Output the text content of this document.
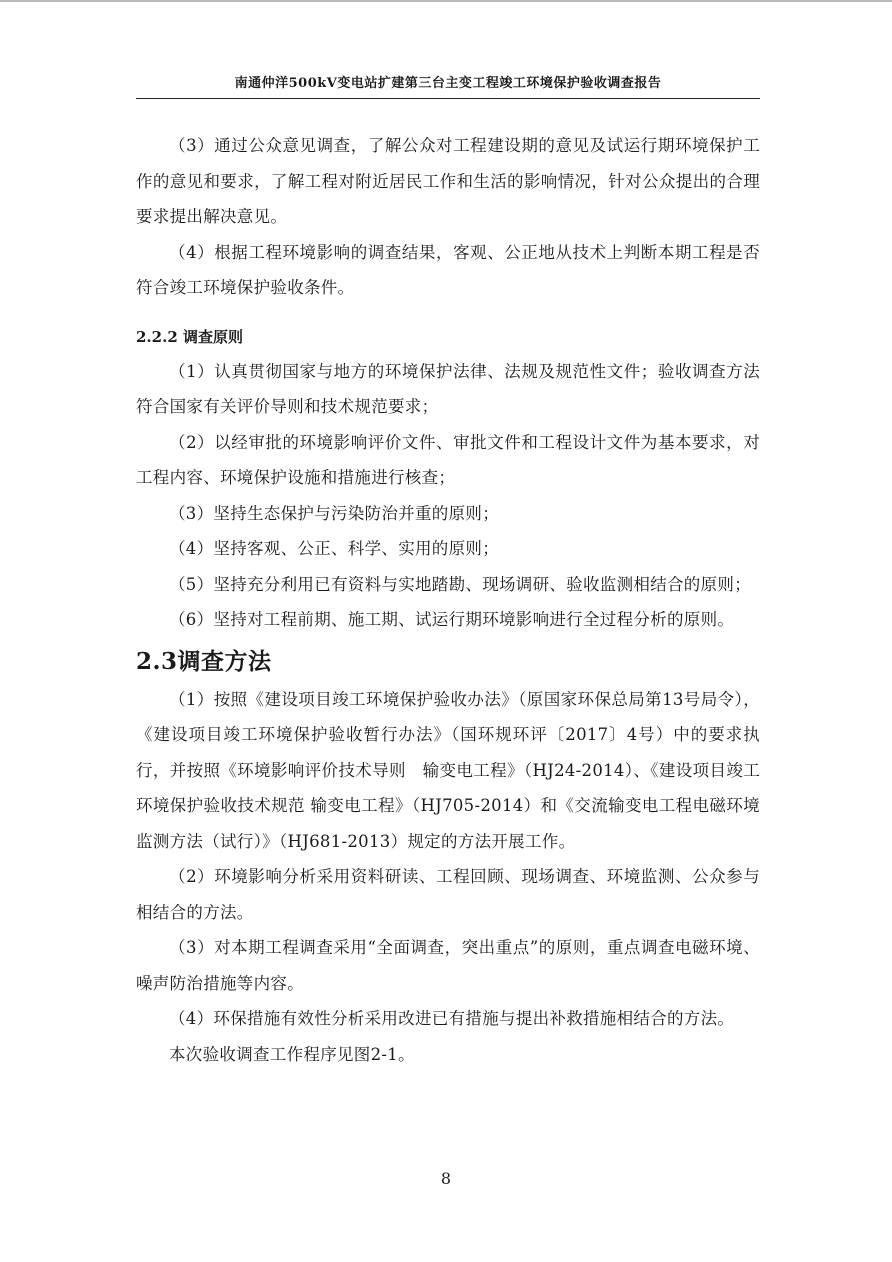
南通仲洋500kV变电站扩建第三台主变工程竣工环境保护验收调查报告

（3）通过公众意见调查，了解公众对工程建设期的意见及试运行期环境保护工作的意见和要求，了解工程对附近居民工作和生活的影响情况，针对公众提出的合理要求提出解决意见。

（4）根据工程环境影响的调查结果，客观、公正地从技术上判断本期工程是否符合竣工环境保护验收条件。

2.2.2 调查原则

（1）认真贯彻国家与地方的环境保护法律、法规及规范性文件；验收调查方法符合国家有关评价导则和技术规范要求；

（2）以经审批的环境影响评价文件、审批文件和工程设计文件为基本要求，对工程内容、环境保护设施和措施进行核查；

（3）坚持生态保护与污染防治并重的原则；

（4）坚持客观、公正、科学、实用的原则；

（5）坚持充分利用已有资料与实地踏勘、现场调研、验收监测相结合的原则；

（6）坚持对工程前期、施工期、试运行期环境影响进行全过程分析的原则。

2.3调查方法

（1）按照《建设项目竣工环境保护验收办法》（原国家环保总局第13号局令），《建设项目竣工环境保护验收暂行办法》（国环规环评〔2017〕4号）中的要求执行，并按照《环境影响评价技术导则　输变电工程》（HJ24-2014）、《建设项目竣工环境保护验收技术规范 输变电工程》（HJ705-2014）和《交流输变电工程电磁环境监测方法（试行）》（HJ681-2013）规定的方法开展工作。

（2）环境影响分析采用资料研读、工程回顾、现场调查、环境监测、公众参与相结合的方法。

（3）对本期工程调查采用“全面调查，突出重点”的原则，重点调查电磁环境、噪声防治措施等内容。

（4）环保措施有效性分析采用改进已有措施与提出补救措施相结合的方法。

本次验收调查工作程序见图2-1。

8
